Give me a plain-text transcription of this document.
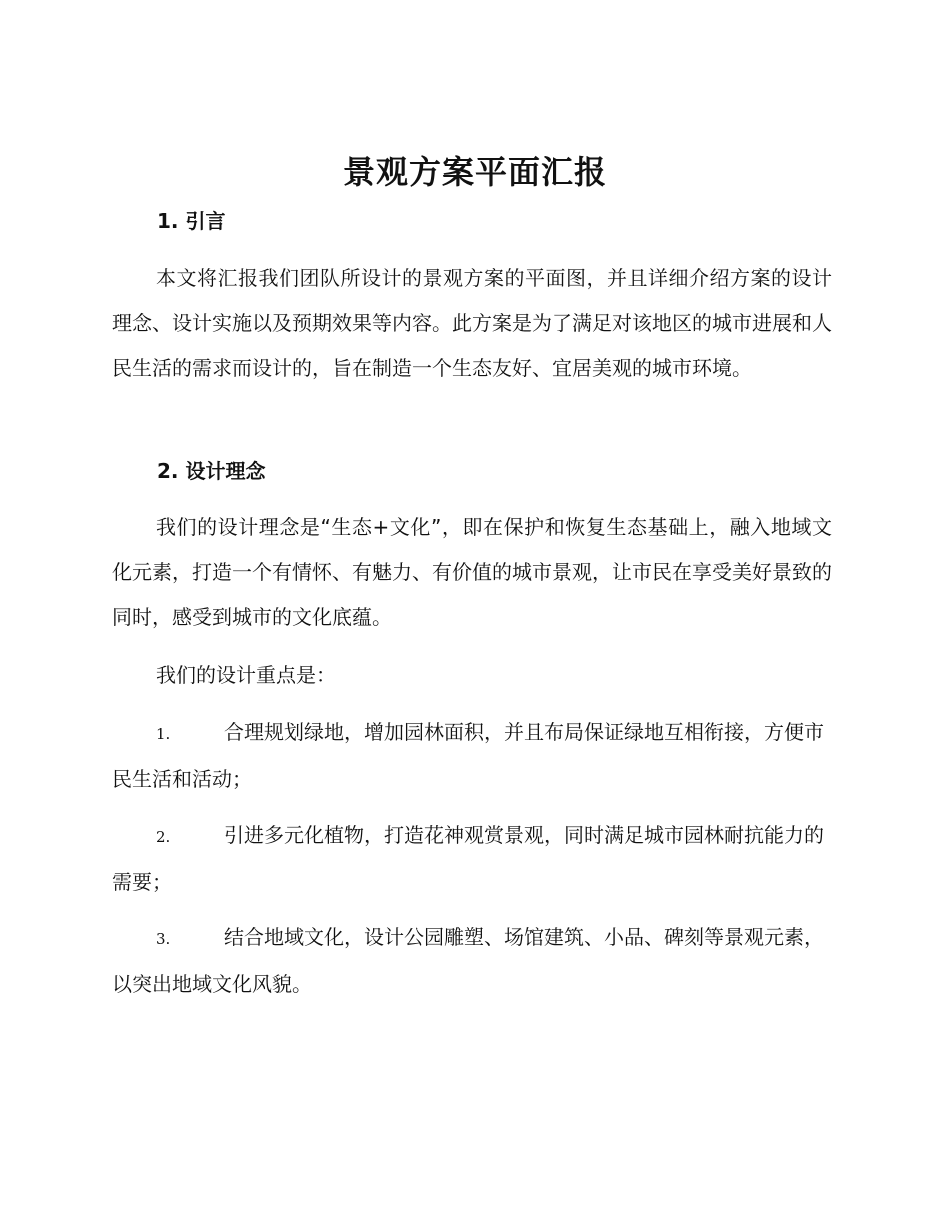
景观方案平面汇报
1. 引言

本文将汇报我们团队所设计的景观方案的平面图，并且详细介绍方案的设计理念、设计实施以及预期效果等内容。此方案是为了满足对该地区的城市进展和人民生活的需求而设计的，旨在制造一个生态友好、宜居美观的城市环境。

2. 设计理念

我们的设计理念是“生态+文化”，即在保护和恢复生态基础上，融入地域文化元素，打造一个有情怀、有魅力、有价值的城市景观，让市民在享受美好景致的同时，感受到城市的文化底蕴。

我们的设计重点是：

1.	合理规划绿地，增加园林面积，并且布局保证绿地互相衔接，方便市民生活和活动；
2.	引进多元化植物，打造花神观赏景观，同时满足城市园林耐抗能力的需要；
3.	结合地域文化，设计公园雕塑、场馆建筑、小品、碑刻等景观元素，以突出地域文化风貌。
